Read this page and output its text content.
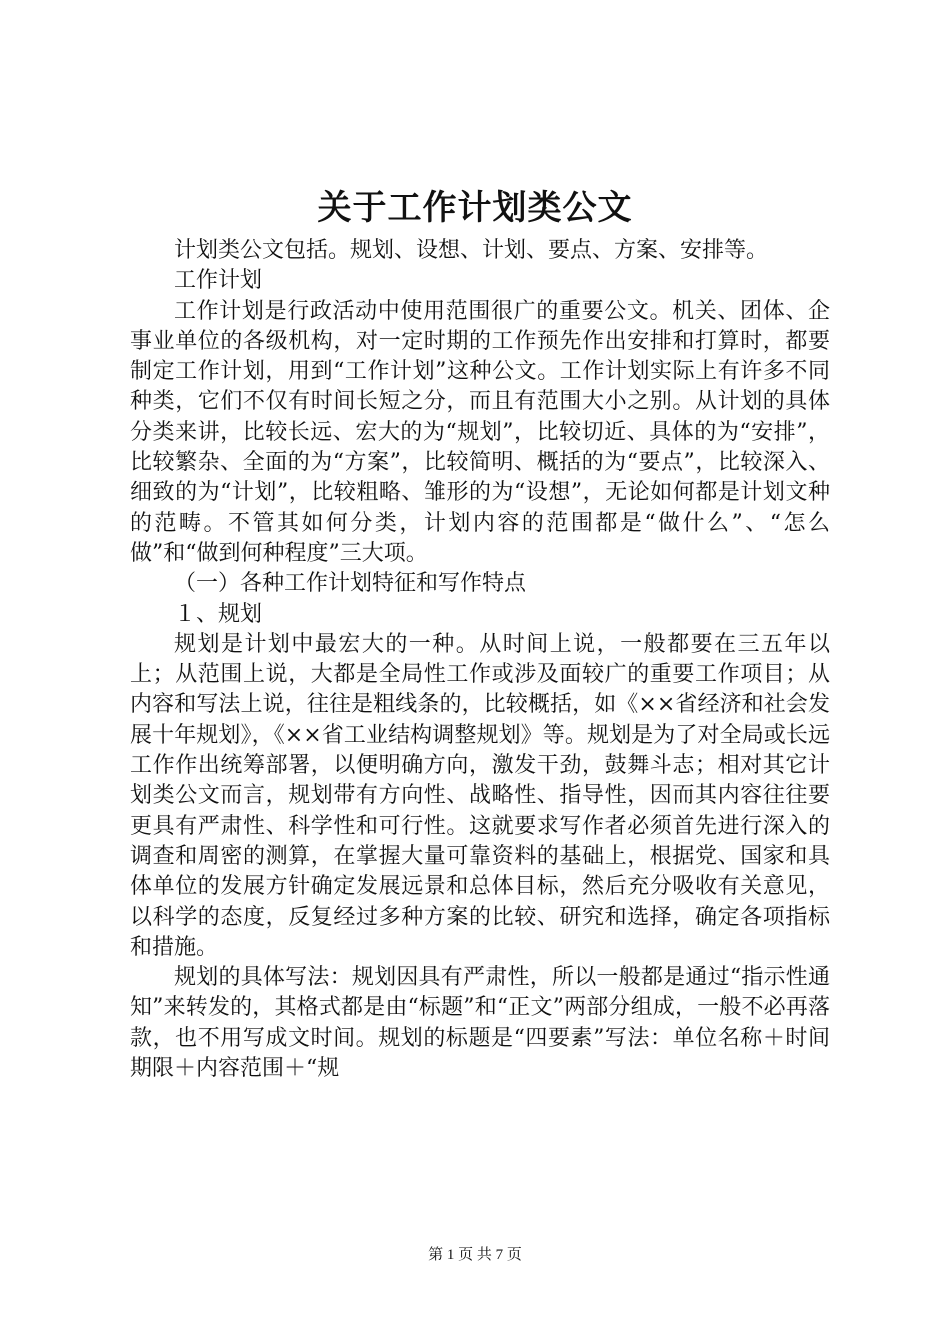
关于工作计划类公文

计划类公文包括。规划、设想、计划、要点、方案、安排等。

工作计划

工作计划是行政活动中使用范围很广的重要公文。机关、团体、企事业单位的各级机构，对一定时期的工作预先作出安排和打算时，都要制定工作计划，用到“工作计划”这种公文。工作计划实际上有许多不同种类，它们不仅有时间长短之分，而且有范围大小之别。从计划的具体分类来讲，比较长远、宏大的为“规划”，比较切近、具体的为“安排”，比较繁杂、全面的为“方案”，比较简明、概括的为“要点”，比较深入、细致的为“计划”，比较粗略、雏形的为“设想”，无论如何都是计划文种的范畴。不管其如何分类，计划内容的范围都是“做什么”、“怎么做”和“做到何种程度”三大项。

（一）各种工作计划特征和写作特点

１、规划

规划是计划中最宏大的一种。从时间上说，一般都要在三五年以上；从范围上说，大都是全局性工作或涉及面较广的重要工作项目；从内容和写法上说，往往是粗线条的，比较概括，如《××省经济和社会发展十年规划》，《××省工业结构调整规划》等。规划是为了对全局或长远工作作出统筹部署，以便明确方向，激发干劲，鼓舞斗志；相对其它计划类公文而言，规划带有方向性、战略性、指导性，因而其内容往往要更具有严肃性、科学性和可行性。这就要求写作者必须首先进行深入的调查和周密的测算，在掌握大量可靠资料的基础上，根据党、国家和具体单位的发展方针确定发展远景和总体目标，然后充分吸收有关意见，以科学的态度，反复经过多种方案的比较、研究和选择，确定各项指标和措施。

规划的具体写法：规划因具有严肃性，所以一般都是通过“指示性通知”来转发的，其格式都是由“标题”和“正文”两部分组成，一般不必再落款，也不用写成文时间。规划的标题是“四要素”写法：单位名称＋时间期限＋内容范围＋“规

第 1 页 共 7 页
